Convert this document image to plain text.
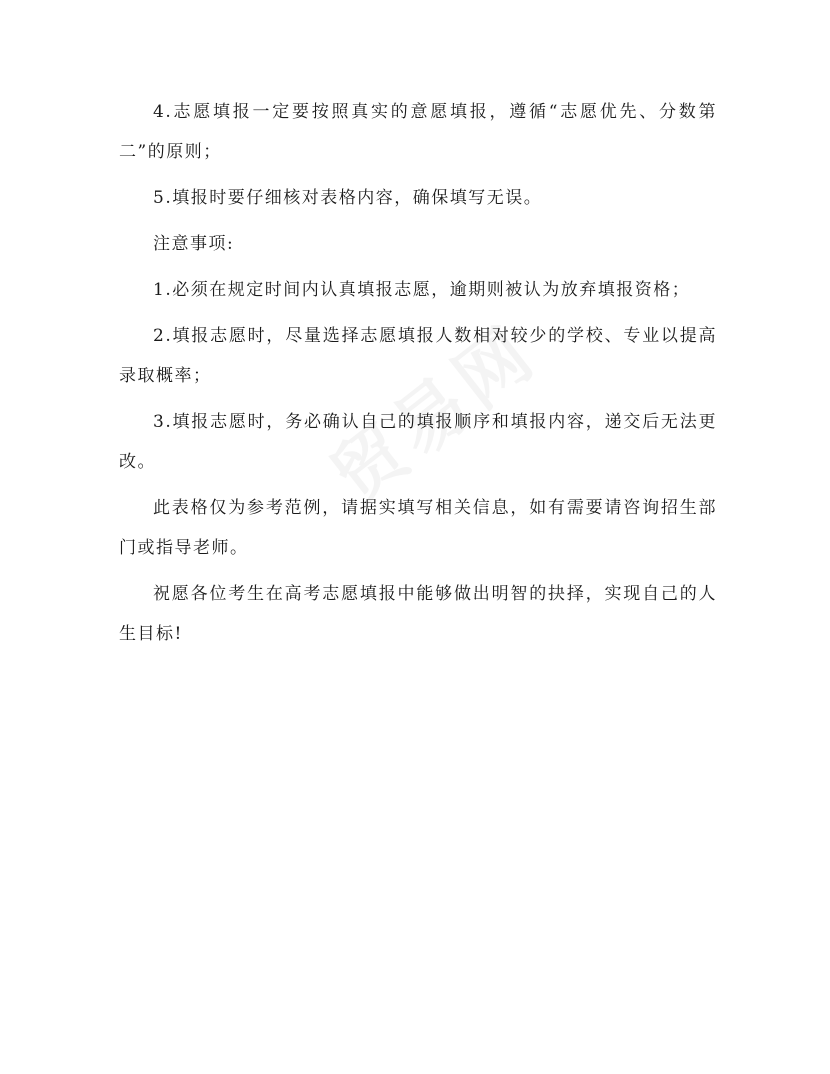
4.志愿填报一定要按照真实的意愿填报，遵循“志愿优先、分数第二”的原则；

5.填报时要仔细核对表格内容，确保填写无误。

注意事项:

1.必须在规定时间内认真填报志愿，逾期则被认为放弃填报资格；

2.填报志愿时，尽量选择志愿填报人数相对较少的学校、专业以提高录取概率；

3.填报志愿时，务必确认自己的填报顺序和填报内容，递交后无法更改。

此表格仅为参考范例，请据实填写相关信息，如有需要请咨询招生部门或指导老师。

祝愿各位考生在高考志愿填报中能够做出明智的抉择，实现自己的人生目标!
